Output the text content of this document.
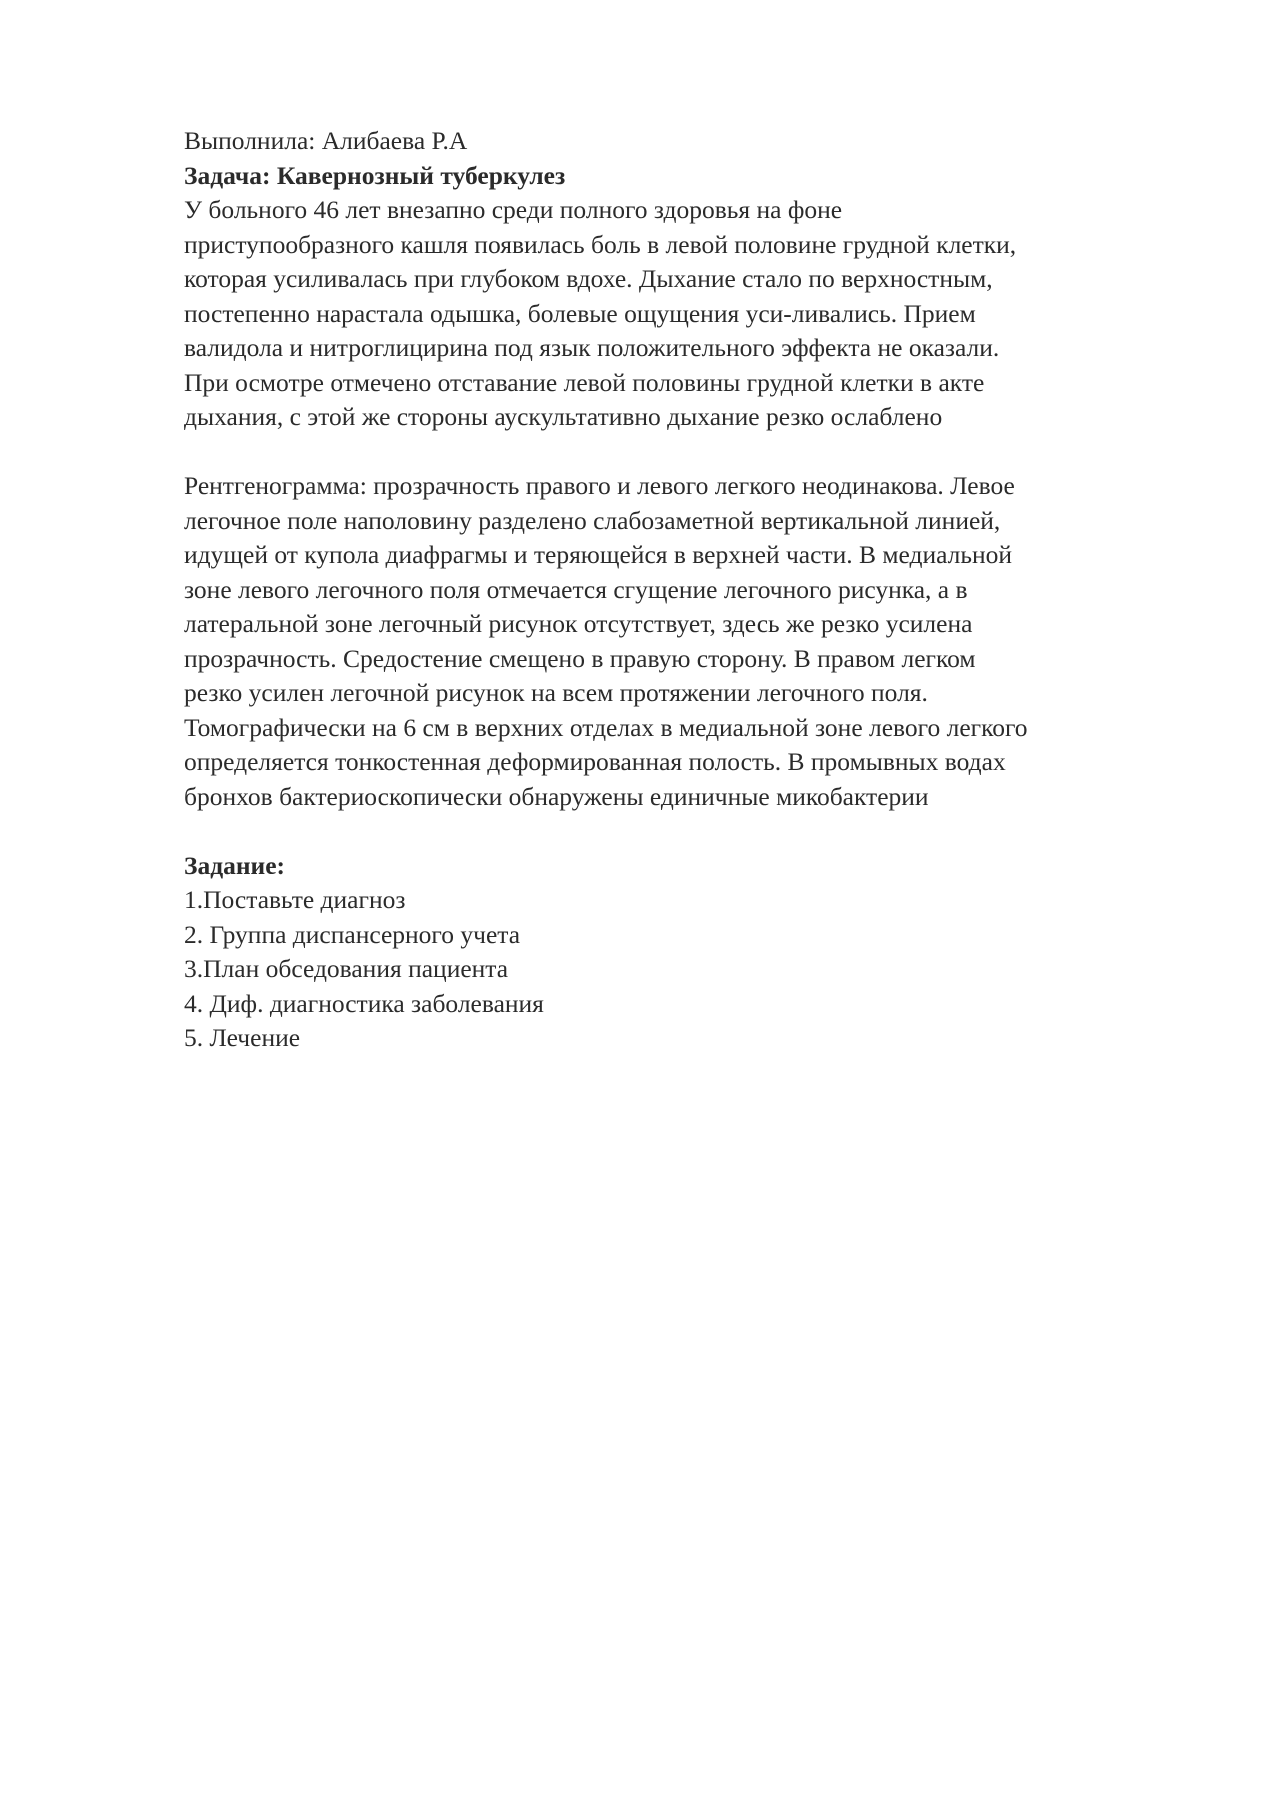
Выполнила: Алибаева Р.А
Задача: Кавернозный туберкулез
У больного 46 лет внезапно среди полного здоровья на фоне
приступообразного кашля появилась боль в левой половине грудной клетки,
которая усиливалась при глубоком вдохе. Дыхание стало по верхностным,
постепенно нарастала одышка, болевые ощущения уси-ливались. Прием
валидола и нитроглицирина под язык положительного эффекта не оказали.
При осмотре отмечено отставание левой половины грудной клетки в акте
дыхания, с этой же стороны аускультативно дыхание резко ослаблено
Рентгенограмма: прозрачность правого и левого легкого неодинакова. Левое
легочное поле наполовину разделено слабозаметной вертикальной линией,
идущей от купола диафрагмы и теряющейся в верхней части. В медиальной
зоне левого легочного поля отмечается сгущение легочного рисунка, а в
латеральной зоне легочный рисунок отсутствует, здесь же резко усилена
прозрачность. Средостение смещено в правую сторону. В правом легком
резко усилен легочной рисунок на всем протяжении легочного поля.
Томографически на 6 см в верхних отделах в медиальной зоне левого легкого
определяется тонкостенная деформированная полость. В промывных водах
бронхов бактериоскопически обнаружены единичные микобактерии
Задание:
1.Поставьте диагноз
2. Группа диспансерного учета
3.План обседования пациента
4. Диф. диагностика заболевания
5. Лечение
